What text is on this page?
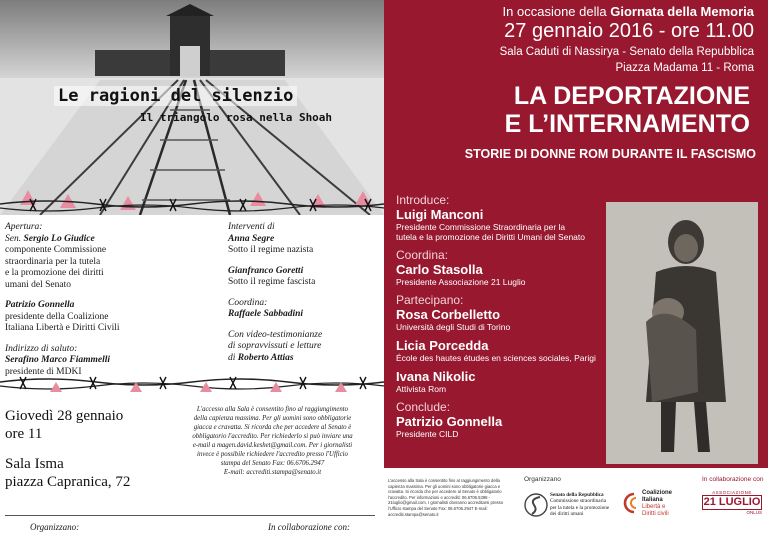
Le ragioni del silenzio
Il triangolo rosa nella Shoah
Apertura:
Sen. Sergio Lo Giudice
componente Commissione
straordinaria per la tutela
e la promozione dei diritti
umani del Senato
Patrizio Gonnella
presidente della Coalizione
Italiana Libertà e Diritti Civili
Indirizzo di saluto:
Serafino Marco Fiammelli
presidente di MDKI
Interventi di
Anna Segre
Sotto il regime nazista
Gianfranco Goretti
Sotto il regime fascista
Coordina:
Raffaele Sabbadini
Con video-testimonianze
di sopravvissuti e letture
di Roberto Attias
Giovedì 28 gennaio
ore 11
Sala Isma
piazza Capranica, 72
L'accesso alla Sala è consentito fino al raggiungimento della capienza massima. Per gli uomini sono obbligatorie giacca e cravatta. Si ricorda che per accedere al Senato è obbligatorio l'accredito. Per richiederlo si può inviare una e-mail a magen.david.keshet@gmail.com. Per i giornalisti invece è possibile richiedere l'accredito presso l'Ufficio stampa del Senato Fax: 06.6706.2947
E-mail: accrediti.stampa@senato.it
Organizzano:	In collaborazione con:
In occasione della Giornata della Memoria
27 gennaio 2016 - ore 11.00
Sala Caduti di Nassirya - Senato della Repubblica
Piazza Madama 11 - Roma
LA DEPORTAZIONE
E L’INTERNAMENTO
STORIE DI DONNE ROM DURANTE IL FASCISMO
Introduce:
Luigi Manconi
Presidente Commissione Straordinaria per la
tutela e la promozione dei Diritti Umani del Senato
Coordina:
Carlo Stasolla
Presidente Associazione 21 Luglio
Partecipano:
Rosa Corbelletto
Università degli Studi di Torino
Licia Porcedda
École des hautes études en sciences sociales, Parigi
Ivana Nikolic
Attivista Rom
Conclude:
Patrizio Gonnella
Presidente CILD
L'accesso alla Sala è consentito fino al raggiungimento della capienza massima. Per gli uomini sono obbligatorie giacca e cravatta. Si ricorda che per accedere al Senato è obbligatorio l'accredito. Per informazioni e accrediti: 06.6706.5398 - 21luglio@gmail.com. I giornalisti dovranno accreditarsi presso l'Ufficio stampa del Senato Fax: 06.6706.2947 E-mail: accrediti.stampa@senato.it
Organizzano
Senato della Repubblica
Commissione straordinaria
per la tutela e la promozione
dei diritti umani
Coalizione
Italiana
Libertà e
Diritti civili
In collaborazione con
ASSOCIAZIONE
21 LUGLIO
ONLUS
